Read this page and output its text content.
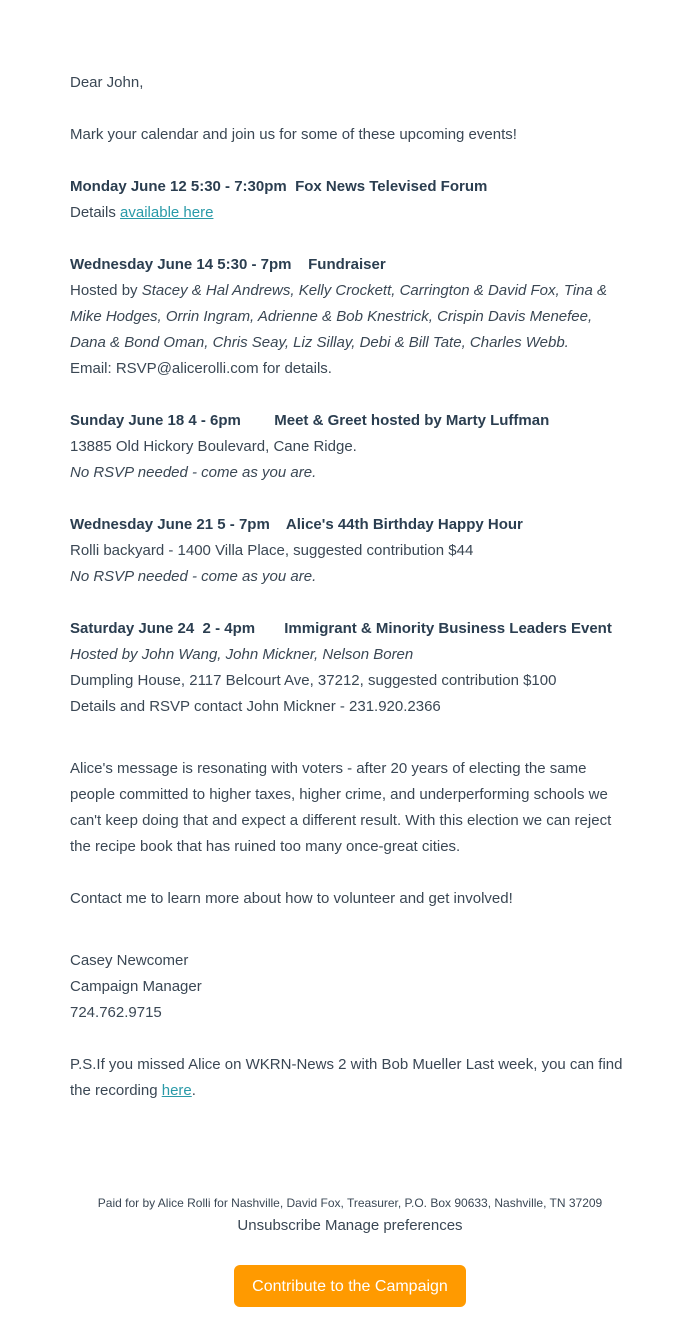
Dear John,

Mark your calendar and join us for some of these upcoming events!

Monday June 12 5:30 - 7:30pm  Fox News Televised Forum

Details available here

Wednesday June 14 5:30 - 7pm    Fundraiser

Hosted by Stacey & Hal Andrews, Kelly Crockett, Carrington & David Fox, Tina & Mike Hodges, Orrin Ingram, Adrienne & Bob Knestrick, Crispin Davis Menefee, Dana & Bond Oman, Chris Seay, Liz Sillay, Debi & Bill Tate, Charles Webb.

Email: RSVP@alicerolli.com for details.

Sunday June 18 4 - 6pm        Meet & Greet hosted by Marty Luffman

13885 Old Hickory Boulevard, Cane Ridge.

No RSVP needed - come as you are.

Wednesday June 21 5 - 7pm    Alice's 44th Birthday Happy Hour

Rolli backyard - 1400 Villa Place, suggested contribution $44

No RSVP needed - come as you are.

Saturday June 24  2 - 4pm       Immigrant & Minority Business Leaders Event

Hosted by John Wang, John Mickner, Nelson Boren

Dumpling House, 2117 Belcourt Ave, 37212, suggested contribution $100

Details and RSVP contact John Mickner - 231.920.2366

Alice's message is resonating with voters - after 20 years of electing the same people committed to higher taxes, higher crime, and underperforming schools we can't keep doing that and expect a different result. With this election we can reject the recipe book that has ruined too many once-great cities.

Contact me to learn more about how to volunteer and get involved!

Casey Newcomer

Campaign Manager

724.762.9715

P.S.If you missed Alice on WKRN-News 2 with Bob Mueller Last week, you can find the recording here.

Paid for by Alice Rolli for Nashville, David Fox, Treasurer, P.O. Box 90633, Nashville, TN 37209
Unsubscribe Manage preferences
Contribute to the Campaign
